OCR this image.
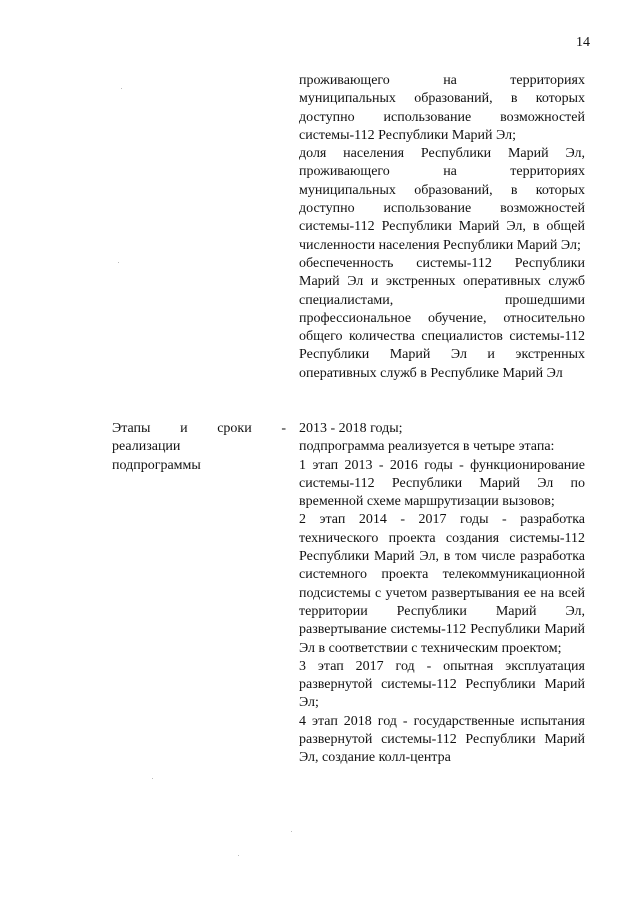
14

проживающего на территориях муниципальных образований, в которых доступно использование возможностей системы-112 Республики Марий Эл;

доля населения Республики Марий Эл, проживающего на территориях муниципальных образований, в которых доступно использование возможностей системы-112 Республики Марий Эл, в общей численности населения Республики Марий Эл;

обеспеченность системы-112 Республики Марий Эл и экстренных оперативных служб специалистами, прошедшими профессиональное обучение, относительно общего количества специалистов системы-112 Республики Марий Эл и экстренных оперативных служб в Республике Марий Эл

Этапы и сроки -

реализации

подпрограммы

2013 - 2018 годы;

подпрограмма реализуется в четыре этапа:

1 этап 2013 - 2016 годы - функционирование системы-112 Республики Марий Эл по временной схеме маршрутизации вызовов;

2 этап 2014 - 2017 годы - разработка технического проекта создания системы-112 Республики Марий Эл, в том числе разработка системного проекта телекоммуникационной подсистемы с учетом развертывания ее на всей территории Республики Марий Эл, развертывание системы-112 Республики Марий Эл в соответствии с техническим проектом;

3 этап 2017 год - опытная эксплуатация развернутой системы-112 Республики Марий Эл;

4 этап 2018 год - государственные испытания развернутой системы-112 Республики Марий Эл, создание колл-центра
